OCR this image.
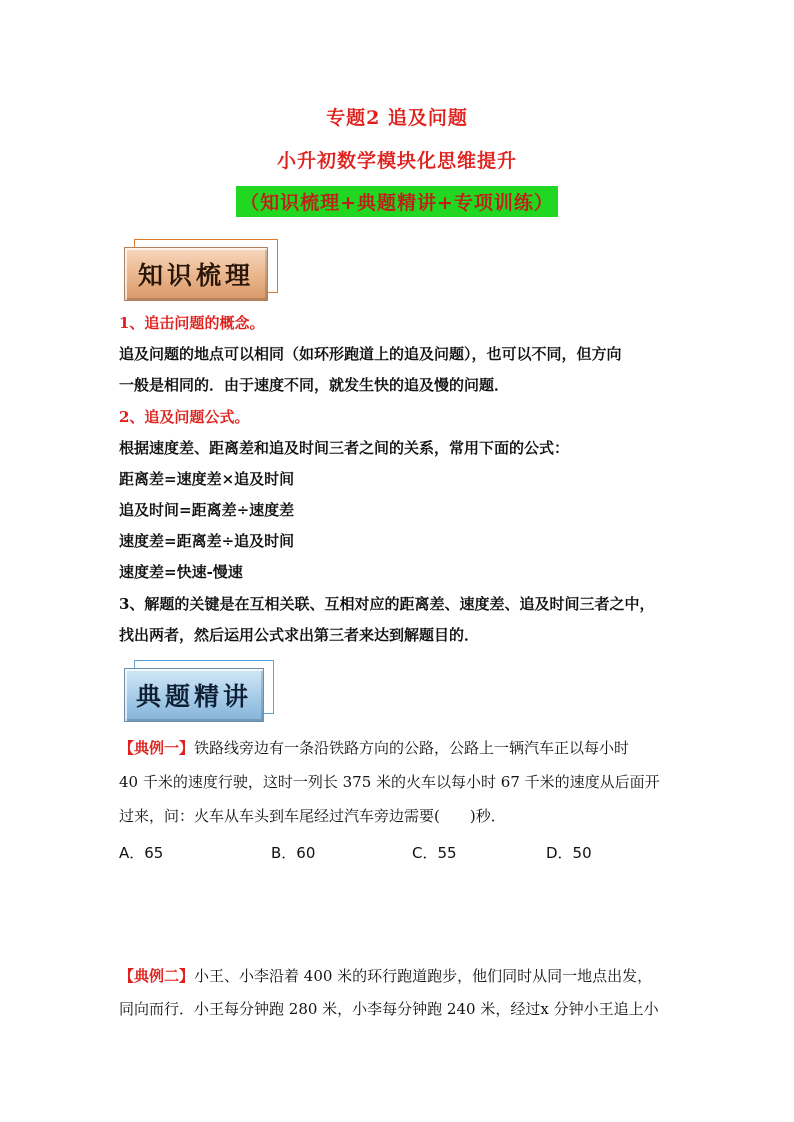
专题2 追及问题
小升初数学模块化思维提升
（知识梳理+典题精讲+专项训练）
知识梳理
1、追击问题的概念。
追及问题的地点可以相同（如环形跑道上的追及问题），也可以不同，但方向
一般是相同的．由于速度不同，就发生快的追及慢的问题．
2、追及问题公式。
根据速度差、距离差和追及时间三者之间的关系，常用下面的公式：
距离差=速度差×追及时间
追及时间=距离差÷速度差
速度差=距离差÷追及时间
速度差=快速-慢速
3、解题的关键是在互相关联、互相对应的距离差、速度差、追及时间三者之中，
找出两者，然后运用公式求出第三者来达到解题目的．
典题精讲
【典例一】铁路线旁边有一条沿铁路方向的公路，公路上一辆汽车正以每小时
40 千米的速度行驶，这时一列长 375 米的火车以每小时 67 千米的速度从后面开
过来，问：火车从车头到车尾经过汽车旁边需要( )秒．
A．65	B．60	C．55	D．50
【典例二】小王、小李沿着 400 米的环行跑道跑步，他们同时从同一地点出发，
同向而行．小王每分钟跑 280 米，小李每分钟跑 240 米，经过x 分钟小王追上小
